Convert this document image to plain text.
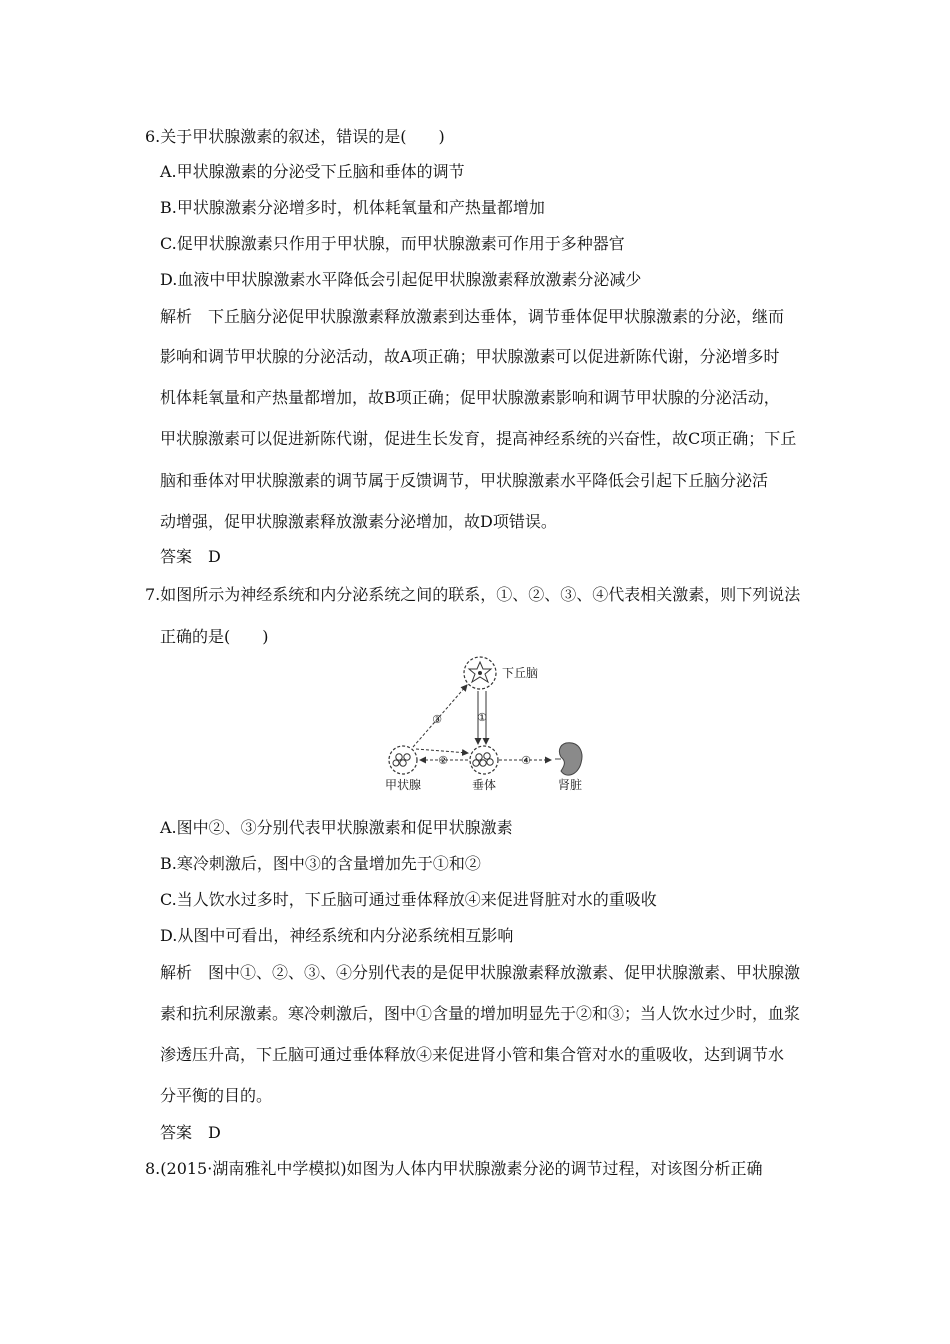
6.关于甲状腺激素的叙述，错误的是(　　)
A.甲状腺激素的分泌受下丘脑和垂体的调节
B.甲状腺激素分泌增多时，机体耗氧量和产热量都增加
C.促甲状腺激素只作用于甲状腺，而甲状腺激素可作用于多种器官
D.血液中甲状腺激素水平降低会引起促甲状腺激素释放激素分泌减少
解析　下丘脑分泌促甲状腺激素释放激素到达垂体，调节垂体促甲状腺激素的分泌，继而
影响和调节甲状腺的分泌活动，故A项正确；甲状腺激素可以促进新陈代谢，分泌增多时
机体耗氧量和产热量都增加，故B项正确；促甲状腺激素影响和调节甲状腺的分泌活动，
甲状腺激素可以促进新陈代谢，促进生长发育，提高神经系统的兴奋性，故C项正确；下丘
脑和垂体对甲状腺激素的调节属于反馈调节，甲状腺激素水平降低会引起下丘脑分泌活
动增强，促甲状腺激素释放激素分泌增加，故D项错误。
答案　D
7.如图所示为神经系统和内分泌系统之间的联系，①、②、③、④代表相关激素，则下列说法
正确的是(　　)
下丘脑
垂体
甲状腺	肾脏
①
②
③
④
A.图中②、③分别代表甲状腺激素和促甲状腺激素
B.寒冷刺激后，图中③的含量增加先于①和②
C.当人饮水过多时，下丘脑可通过垂体释放④来促进肾脏对水的重吸收
D.从图中可看出，神经系统和内分泌系统相互影响
解析　图中①、②、③、④分别代表的是促甲状腺激素释放激素、促甲状腺激素、甲状腺激
素和抗利尿激素。寒冷刺激后，图中①含量的增加明显先于②和③；当人饮水过少时，血浆
渗透压升高，下丘脑可通过垂体释放④来促进肾小管和集合管对水的重吸收，达到调节水
分平衡的目的。
答案　D
8.(2015·湖南雅礼中学模拟)如图为人体内甲状腺激素分泌的调节过程，对该图分析正确
